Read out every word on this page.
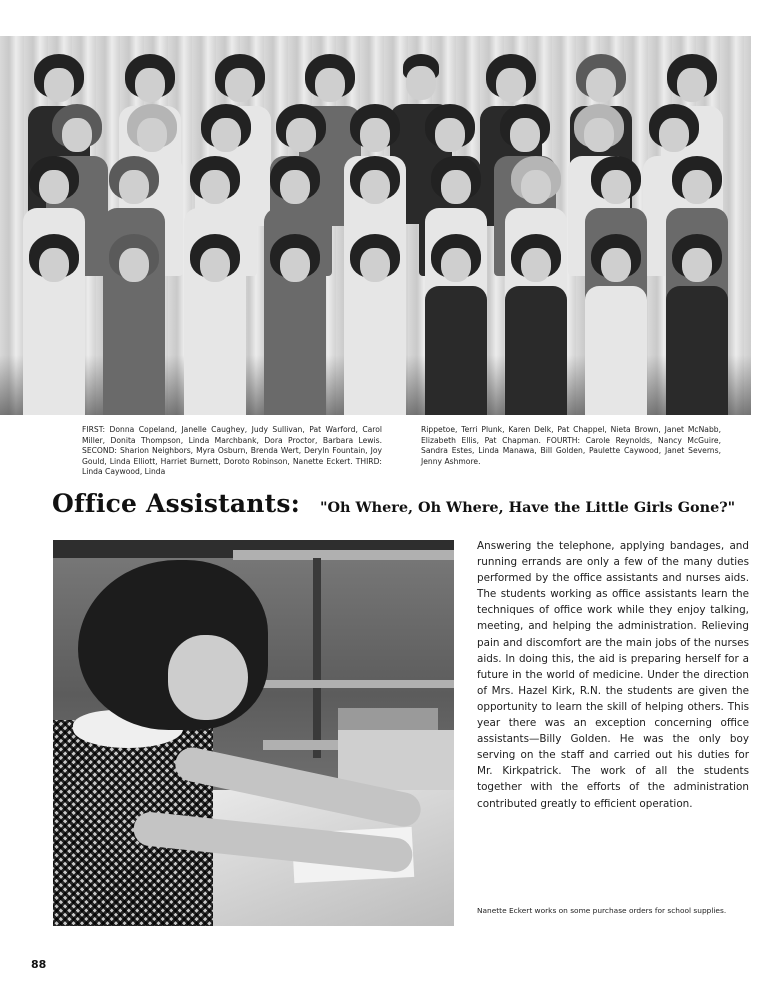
FIRST: Donna Copeland, Janelle Caughey, Judy Sullivan, Pat Warford, Carol Miller, Donita Thompson, Linda Marchbank, Dora Proctor, Barbara Lewis. SECOND: Sharion Neighbors, Myra Osburn, Brenda Wert, Deryln Fountain, Joy Gould, Linda Elliott, Harriet Burnett, Doroto Robinson, Nanette Eckert. THIRD: Linda Caywood, Linda
Rippetoe, Terri Plunk, Karen Delk, Pat Chappel, Nieta Brown, Janet McNabb, Elizabeth Ellis, Pat Chapman. FOURTH: Carole Reynolds, Nancy McGuire, Sandra Estes, Linda Manawa, Bill Golden, Paulette Caywood, Janet Severns, Jenny Ashmore.
Office Assistants: "Oh Where, Oh Where, Have the Little Girls Gone?"
Answering the telephone, applying bandages, and running errands are only a few of the many duties performed by the office assistants and nurses aids. The students working as office assistants learn the techniques of office work while they enjoy talking, meeting, and helping the administration. Relieving pain and discomfort are the main jobs of the nurses aids. In doing this, the aid is preparing herself for a future in the world of medicine. Under the direction of Mrs. Hazel Kirk, R.N. the students are given the opportunity to learn the skill of helping others. This year there was an exception concerning office assistants—Billy Golden. He was the only boy serving on the staff and carried out his duties for Mr. Kirkpatrick. The work of all the students together with the efforts of the administration contributed greatly to efficient operation.
Nanette Eckert works on some purchase orders for school supplies.
88
